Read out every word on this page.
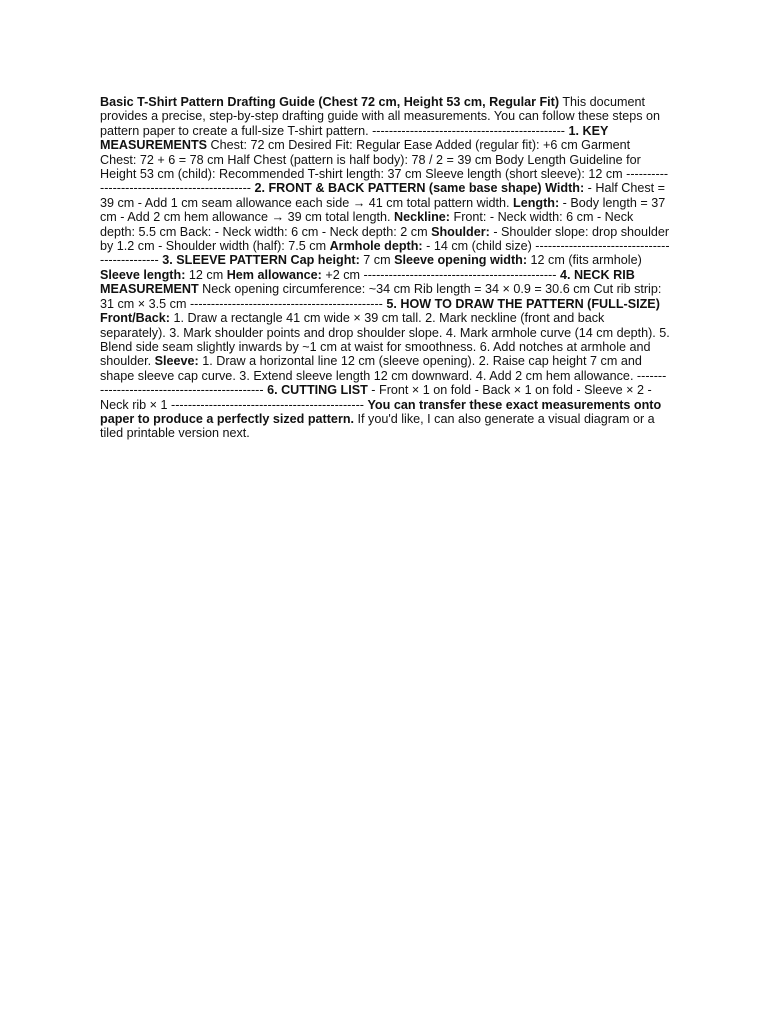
Basic T-Shirt Pattern Drafting Guide (Chest 72 cm, Height 53 cm, Regular Fit) This document provides a precise, step-by-step drafting guide with all measurements. You can follow these steps on pattern paper to create a full-size T-shirt pattern. ---------------------------------------------- 1. KEY MEASUREMENTS Chest: 72 cm Desired Fit: Regular Ease Added (regular fit): +6 cm Garment Chest: 72 + 6 = 78 cm Half Chest (pattern is half body): 78 / 2 = 39 cm Body Length Guideline for Height 53 cm (child): Recommended T-shirt length: 37 cm Sleeve length (short sleeve): 12 cm ---------------------------------------------- 2. FRONT & BACK PATTERN (same base shape) Width: - Half Chest = 39 cm - Add 1 cm seam allowance each side → 41 cm total pattern width. Length: - Body length = 37 cm - Add 2 cm hem allowance → 39 cm total length. Neckline: Front: - Neck width: 6 cm - Neck depth: 5.5 cm Back: - Neck width: 6 cm - Neck depth: 2 cm Shoulder: - Shoulder slope: drop shoulder by 1.2 cm - Shoulder width (half): 7.5 cm Armhole depth: - 14 cm (child size) ---------------------------------------------- 3. SLEEVE PATTERN Cap height: 7 cm Sleeve opening width: 12 cm (fits armhole) Sleeve length: 12 cm Hem allowance: +2 cm ---------------------------------------------- 4. NECK RIB MEASUREMENT Neck opening circumference: ~34 cm Rib length = 34 × 0.9 = 30.6 cm Cut rib strip: 31 cm × 3.5 cm ---------------------------------------------- 5. HOW TO DRAW THE PATTERN (FULL-SIZE) Front/Back: 1. Draw a rectangle 41 cm wide × 39 cm tall. 2. Mark neckline (front and back separately). 3. Mark shoulder points and drop shoulder slope. 4. Mark armhole curve (14 cm depth). 5. Blend side seam slightly inwards by ~1 cm at waist for smoothness. 6. Add notches at armhole and shoulder. Sleeve: 1. Draw a horizontal line 12 cm (sleeve opening). 2. Raise cap height 7 cm and shape sleeve cap curve. 3. Extend sleeve length 12 cm downward. 4. Add 2 cm hem allowance. ---------------------------------------------- 6. CUTTING LIST - Front × 1 on fold - Back × 1 on fold - Sleeve × 2 - Neck rib × 1 ---------------------------------------------- You can transfer these exact measurements onto paper to produce a perfectly sized pattern. If you'd like, I can also generate a visual diagram or a tiled printable version next.
